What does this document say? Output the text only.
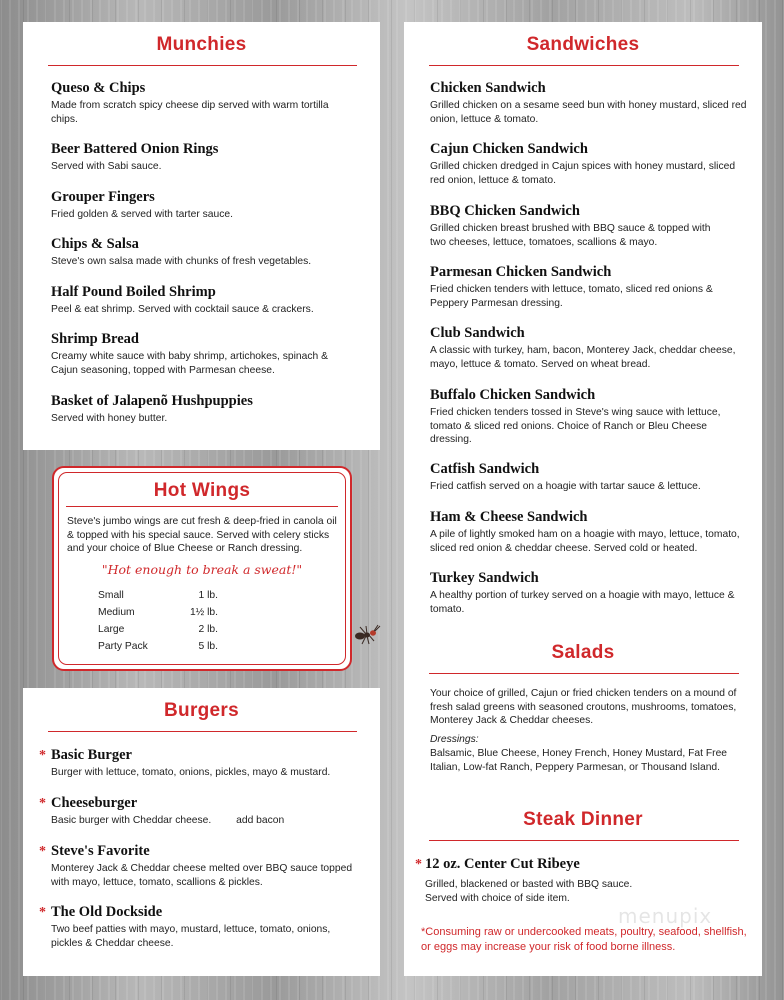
Munchies
Queso & Chips
Made from scratch spicy cheese dip served with warm tortilla chips.
Beer Battered Onion Rings
Served with Sabi sauce.
Grouper Fingers
Fried golden & served with tarter sauce.
Chips & Salsa
Steve's own salsa made with chunks of fresh vegetables.
Half Pound Boiled Shrimp
Peel & eat shrimp. Served with cocktail sauce & crackers.
Shrimp Bread
Creamy white sauce with baby shrimp, artichokes, spinach & Cajun seasoning, topped with Parmesan cheese.
Basket of Jalapenõ Hushpuppies
Served with honey butter.
Hot Wings
Steve's jumbo wings are cut fresh & deep-fried in canola oil & topped with his special sauce. Served with celery sticks and your choice of Blue Cheese or Ranch dressing.
"Hot enough to break a sweat!"
Small	1 lb.
Medium	1½ lb.
Large	2 lb.
Party Pack	5 lb.
Burgers
* Basic Burger
Burger with lettuce, tomato, onions, pickles, mayo & mustard.
* Cheeseburger
Basic burger with Cheddar cheese. add bacon
* Steve's Favorite
Monterey Jack & Cheddar cheese melted over BBQ sauce topped with mayo, lettuce, tomato, scallions & pickles.
* The Old Dockside
Two beef patties with mayo, mustard, lettuce, tomato, onions, pickles & Cheddar cheese.
Sandwiches
Chicken Sandwich
Grilled chicken on a sesame seed bun with honey mustard, sliced red onion, lettuce & tomato.
Cajun Chicken Sandwich
Grilled chicken dredged in Cajun spices with honey mustard, sliced red onion, lettuce & tomato.
BBQ Chicken Sandwich
Grilled chicken breast brushed with BBQ sauce & topped with two cheeses, lettuce, tomatoes, scallions & mayo.
Parmesan Chicken Sandwich
Fried chicken tenders with lettuce, tomato, sliced red onions & Peppery Parmesan dressing.
Club Sandwich
A classic with turkey, ham, bacon, Monterey Jack, cheddar cheese, mayo, lettuce & tomato. Served on wheat bread.
Buffalo Chicken Sandwich
Fried chicken tenders tossed in Steve's wing sauce with lettuce, tomato & sliced red onions. Choice of Ranch or Bleu Cheese dressing.
Catfish Sandwich
Fried catfish served on a hoagie with tartar sauce & lettuce.
Ham & Cheese Sandwich
A pile of lightly smoked ham on a hoagie with mayo, lettuce, tomato, sliced red onion & cheddar cheese. Served cold or heated.
Turkey Sandwich
A healthy portion of turkey served on a hoagie with mayo, lettuce & tomato.
Salads
Your choice of grilled, Cajun or fried chicken tenders on a mound of fresh salad greens with seasoned croutons, mushrooms, tomatoes, Monterey Jack & Cheddar cheeses.
Dressings:
Balsamic, Blue Cheese, Honey French, Honey Mustard, Fat Free Italian, Low-fat Ranch, Peppery Parmesan, or Thousand Island.
Steak Dinner
* 12 oz. Center Cut Ribeye
Grilled, blackened or basted with BBQ sauce.
Served with choice of side item.
menupix
*Consuming raw or undercooked meats, poultry, seafood, shellfish, or eggs may increase your risk of food borne illness.
